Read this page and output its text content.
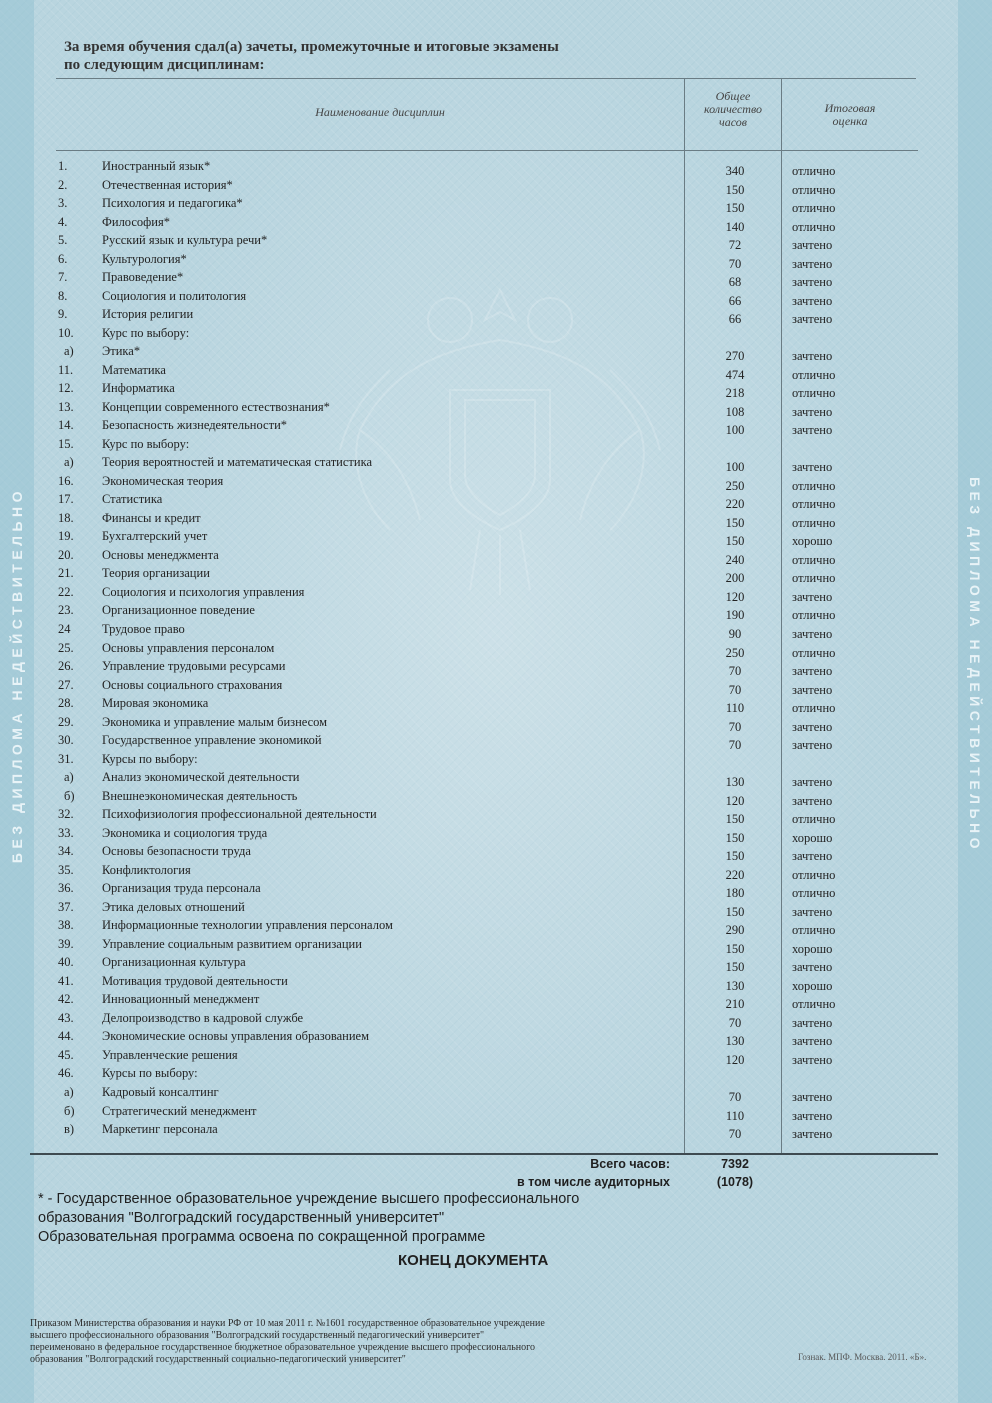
БЕЗ ДИПЛОМА НЕДЕЙСТВИТЕЛЬНО	БЕЗ ДИПЛОМА НЕДЕЙСТВИТЕЛЬНО
За время обучения сдал(а) зачеты, промежуточные и итоговые экзамены
по следующим дисциплинам:
Наименование дисциплин
Общее
количество
часов
Итоговая
оценка
1.	Иностранный язык*	340	отлично
2.	Отечественная история*	150	отлично
3.	Психология и педагогика*	150	отлично
4.	Философия*	140	отлично
5.	Русский язык и культура речи*	72	зачтено
6.	Культурология*	70	зачтено
7.	Правоведение*	68	зачтено
8.	Социология и политология	66	зачтено
9.	История религии	66	зачтено
10.	Курс по выбору:
а)	Этика*	270	зачтено
11.	Математика	474	отлично
12.	Информатика	218	отлично
13.	Концепции современного естествознания*	108	зачтено
14.	Безопасность жизнедеятельности*	100	зачтено
15.	Курс по выбору:
а)	Теория вероятностей и математическая статистика	100	зачтено
16.	Экономическая теория	250	отлично
17.	Статистика	220	отлично
18.	Финансы и кредит	150	отлично
19.	Бухгалтерский учет	150	хорошо
20.	Основы менеджмента	240	отлично
21.	Теория организации	200	отлично
22.	Социология и психология управления	120	зачтено
23.	Организационное поведение	190	отлично
24	Трудовое право	90	зачтено
25.	Основы управления персоналом	250	отлично
26.	Управление трудовыми ресурсами	70	зачтено
27.	Основы социального страхования	70	зачтено
28.	Мировая экономика	110	отлично
29.	Экономика и управление малым бизнесом	70	зачтено
30.	Государственное управление экономикой	70	зачтено
31.	Курсы по выбору:
а)	Анализ экономической деятельности	130	зачтено
б)	Внешнеэкономическая деятельность	120	зачтено
32.	Психофизиология профессиональной деятельности	150	отлично
33.	Экономика и социология труда	150	хорошо
34.	Основы безопасности труда	150	зачтено
35.	Конфликтология	220	отлично
36.	Организация труда персонала	180	отлично
37.	Этика деловых отношений	150	зачтено
38.	Информационные технологии управления персоналом	290	отлично
39.	Управление социальным развитием организации	150	хорошо
40.	Организационная культура	150	зачтено
41.	Мотивация трудовой деятельности	130	хорошо
42.	Инновационный менеджмент	210	отлично
43.	Делопроизводство в кадровой службе	70	зачтено
44.	Экономические основы управления образованием	130	зачтено
45.	Управленческие решения	120	зачтено
46.	Курсы по выбору:
а)	Кадровый консалтинг	70	зачтено
б)	Стратегический менеджмент	110	зачтено
в)	Маркетинг персонала	70	зачтено
Всего часов:	7392
в том числе аудиторных	(1078)
* - Государственное образовательное учреждение высшего профессионального
образования "Волгоградский государственный университет"
Образовательная программа освоена по сокращенной программе
КОНЕЦ ДОКУМЕНТА
Приказом Министерства образования и науки РФ от 10 мая 2011 г. №1601 государственное образовательное учреждение
высшего профессионального образования "Волгоградский государственный педагогический университет"
переименовано в федеральное государственное бюджетное образовательное учреждение высшего профессионального
образования "Волгоградский государственный социально-педагогический университет"	Гознак. МПФ. Москва. 2011. «Б».
